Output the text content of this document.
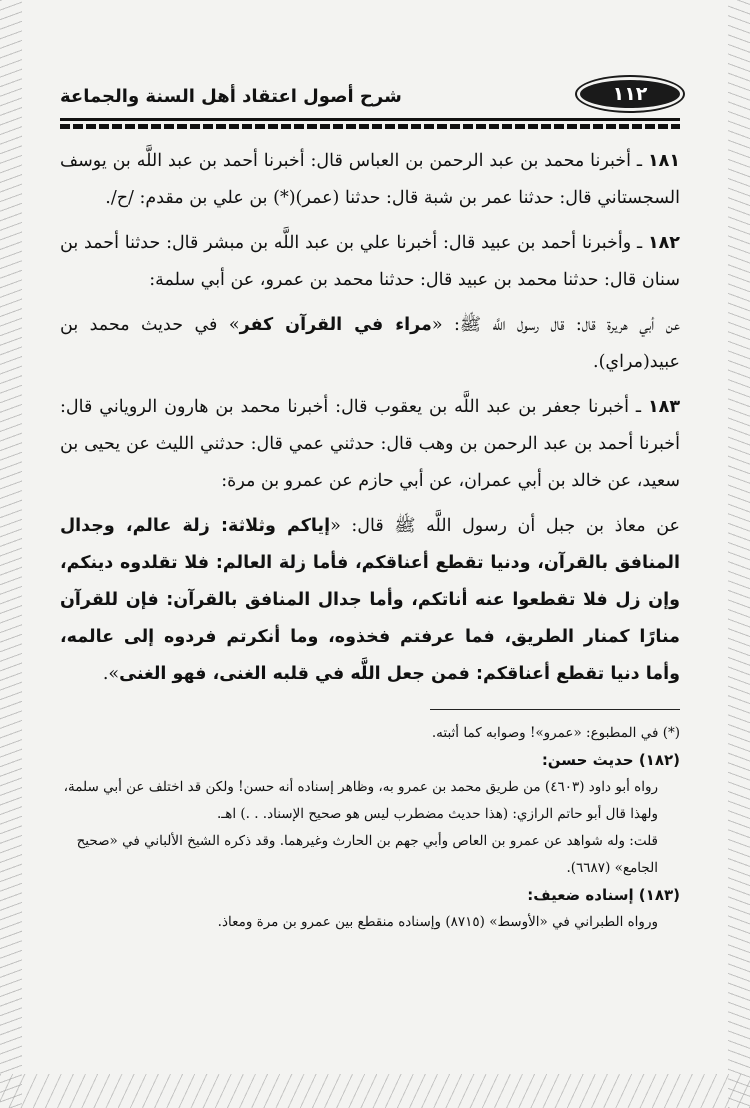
١١٢
شرح أصول اعتقاد أهل السنة والجماعة

١٨١ ـ أخبرنا محمد بن عبد الرحمن بن العباس قال: أخبرنا أحمد بن عبد اللَّه بن يوسف السجستاني قال: حدثنا عمر بن شبة قال: حدثنا (عمر)(*) بن علي بن مقدم: /ح/.

١٨٢ ـ وأخبرنا أحمد بن عبيد قال: أخبرنا علي بن عبد اللَّه بن مبشر قال: حدثنا أحمد بن سنان قال: حدثنا محمد بن عبيد قال: حدثنا محمد بن عمرو، عن أبي سلمة:

عن أبي هريرة قال: قال رسول اللَّه ﷺ: «مراء في القرآن كفر» في حديث محمد بن عبيد(مراي).

١٨٣ ـ أخبرنا جعفر بن عبد اللَّه بن يعقوب قال: أخبرنا محمد بن هارون الروياني قال: أخبرنا أحمد بن عبد الرحمن بن وهب قال: حدثني عمي قال: حدثني الليث عن يحيى بن سعيد، عن خالد بن أبي عمران، عن أبي حازم عن عمرو بن مرة:

عن معاذ بن جبل أن رسول اللَّه ﷺ قال: «إياكم وثلاثة: زلة عالم، وجدال المنافق بالقرآن، ودنيا تقطع أعناقكم، فأما زلة العالم: فلا تقلدوه دينكم، وإن زل فلا تقطعوا عنه أناتكم، وأما جدال المنافق بالقرآن: فإن للقرآن منارًا كمنار الطريق، فما عرفتم فخذوه، وما أنكرتم فردوه إلى عالمه، وأما دنيا تقطع أعناقكم: فمن جعل اللَّه في قلبه الغنى، فهو الغنى».

(*) في المطبوع: «عمرو»! وصوابه كما أثبته.

(١٨٢) حديث حسن:

رواه أبو داود (٤٦٠٣) من طريق محمد بن عمرو به، وظاهر إسناده أنه حسن! ولكن قد اختلف عن أبي سلمة، ولهذا قال أبو حاتم الرازي: (هذا حديث مضطرب ليس هو صحيح الإسناد. . .) اهـ.

قلت: وله شواهد عن عمرو بن العاص وأبي جهم بن الحارث وغيرهما. وقد ذكره الشيخ الألباني في «صحيح الجامع» (٦٦٨٧).

(١٨٣) إسناده ضعيف:

ورواه الطبراني في «الأوسط» (٨٧١٥) وإسناده منقطع بين عمرو بن مرة ومعاذ.
